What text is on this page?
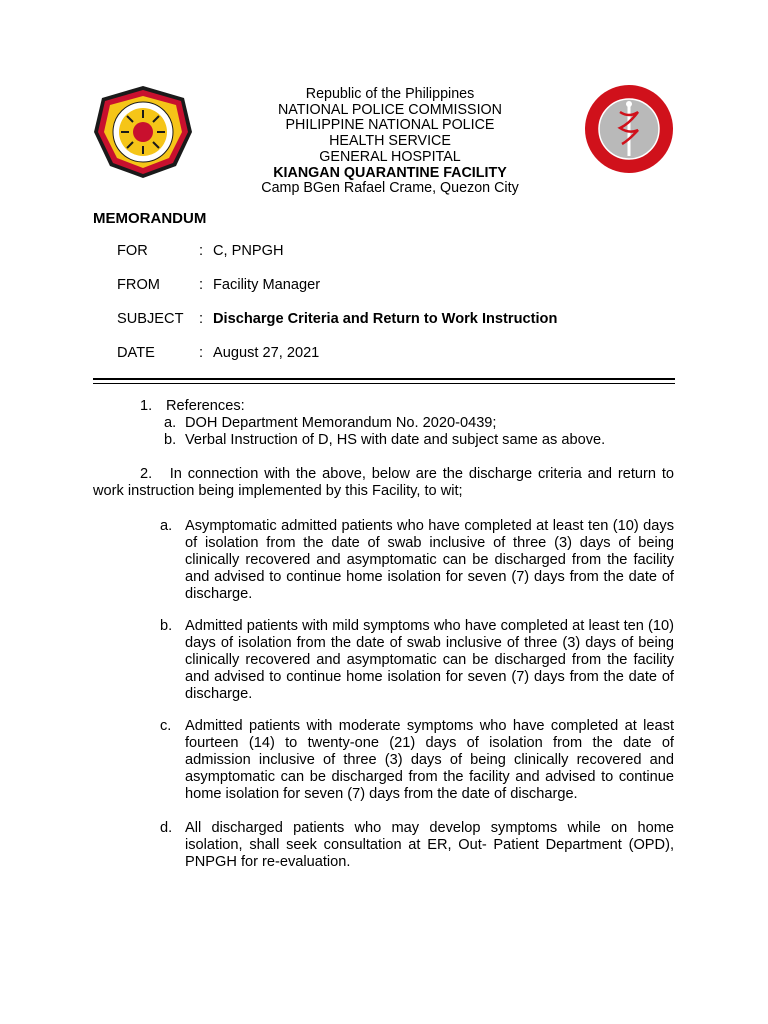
Republic of the Philippines
NATIONAL POLICE COMMISSION
PHILIPPINE NATIONAL POLICE
HEALTH SERVICE
GENERAL HOSPITAL
KIANGAN QUARANTINE FACILITY
Camp BGen Rafael Crame, Quezon City
MEMORANDUM
FOR	: C, PNPGH
FROM	: Facility Manager
SUBJECT	: Discharge Criteria and Return to Work Instruction
DATE	: August 27, 2021
1. References:
a. DOH Department Memorandum No. 2020-0439;
b. Verbal Instruction of D, HS with date and subject same as above.
2. In connection with the above, below are the discharge criteria and return to work instruction being implemented by this Facility, to wit;
a. Asymptomatic admitted patients who have completed at least ten (10) days of isolation from the date of swab inclusive of three (3) days of being clinically recovered and asymptomatic can be discharged from the facility and advised to continue home isolation for seven (7) days from the date of discharge.
b. Admitted patients with mild symptoms who have completed at least ten (10) days of isolation from the date of swab inclusive of three (3) days of being clinically recovered and asymptomatic can be discharged from the facility and advised to continue home isolation for seven (7) days from the date of discharge.
c. Admitted patients with moderate symptoms who have completed at least fourteen (14) to twenty-one (21) days of isolation from the date of admission inclusive of three (3) days of being clinically recovered and asymptomatic can be discharged from the facility and advised to continue home isolation for seven (7) days from the date of discharge.
d. All discharged patients who may develop symptoms while on home isolation, shall seek consultation at ER, Out- Patient Department (OPD), PNPGH for re-evaluation.
